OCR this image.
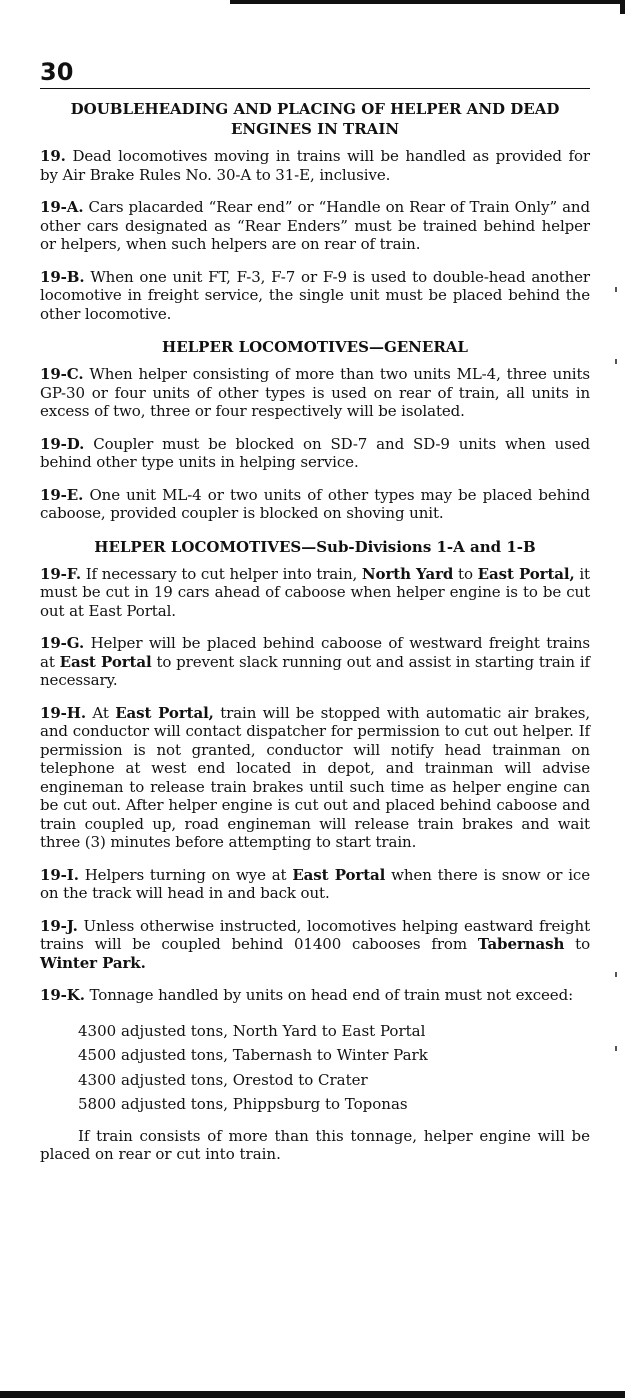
30
DOUBLEHEADING AND PLACING OF HELPER AND DEAD ENGINES IN TRAIN

19. Dead locomotives moving in trains will be handled as provided for by Air Brake Rules No. 30-A to 31-E, inclusive.

19-A. Cars placarded “Rear end” or “Handle on Rear of Train Only” and other cars designated as “Rear Enders” must be trained behind helper or helpers, when such helpers are on rear of train.

19-B. When one unit FT, F-3, F-7 or F-9 is used to double-head another locomotive in freight service, the single unit must be placed behind the other locomotive.

HELPER LOCOMOTIVES—GENERAL

19-C. When helper consisting of more than two units ML-4, three units GP-30 or four units of other types is used on rear of train, all units in excess of two, three or four respectively will be isolated.

19-D. Coupler must be blocked on SD-7 and SD-9 units when used behind other type units in helping service.

19-E. One unit ML-4 or two units of other types may be placed behind caboose, provided coupler is blocked on shoving unit.

HELPER LOCOMOTIVES—Sub-Divisions 1-A and 1-B

19-F. If necessary to cut helper into train, North Yard to East Portal, it must be cut in 19 cars ahead of caboose when helper engine is to be cut out at East Portal.

19-G. Helper will be placed behind caboose of westward freight trains at East Portal to prevent slack running out and assist in starting train if necessary.

19-H. At East Portal, train will be stopped with automatic air brakes, and conductor will contact dispatcher for permission to cut out helper. If permission is not granted, conductor will notify head trainman on telephone at west end located in depot, and trainman will advise engineman to release train brakes until such time as helper engine can be cut out. After helper engine is cut out and placed behind caboose and train coupled up, road engineman will release train brakes and wait three (3) minutes before attempting to start train.

19-I. Helpers turning on wye at East Portal when there is snow or ice on the track will head in and back out.

19-J. Unless otherwise instructed, locomotives helping eastward freight trains will be coupled behind 01400 cabooses from Tabernash to Winter Park.

19-K. Tonnage handled by units on head end of train must not exceed:

4300 adjusted tons, North Yard to East Portal
4500 adjusted tons, Tabernash to Winter Park
4300 adjusted tons, Orestod to Crater
5800 adjusted tons, Phippsburg to Toponas

If train consists of more than this tonnage, helper engine will be placed on rear or cut into train.
